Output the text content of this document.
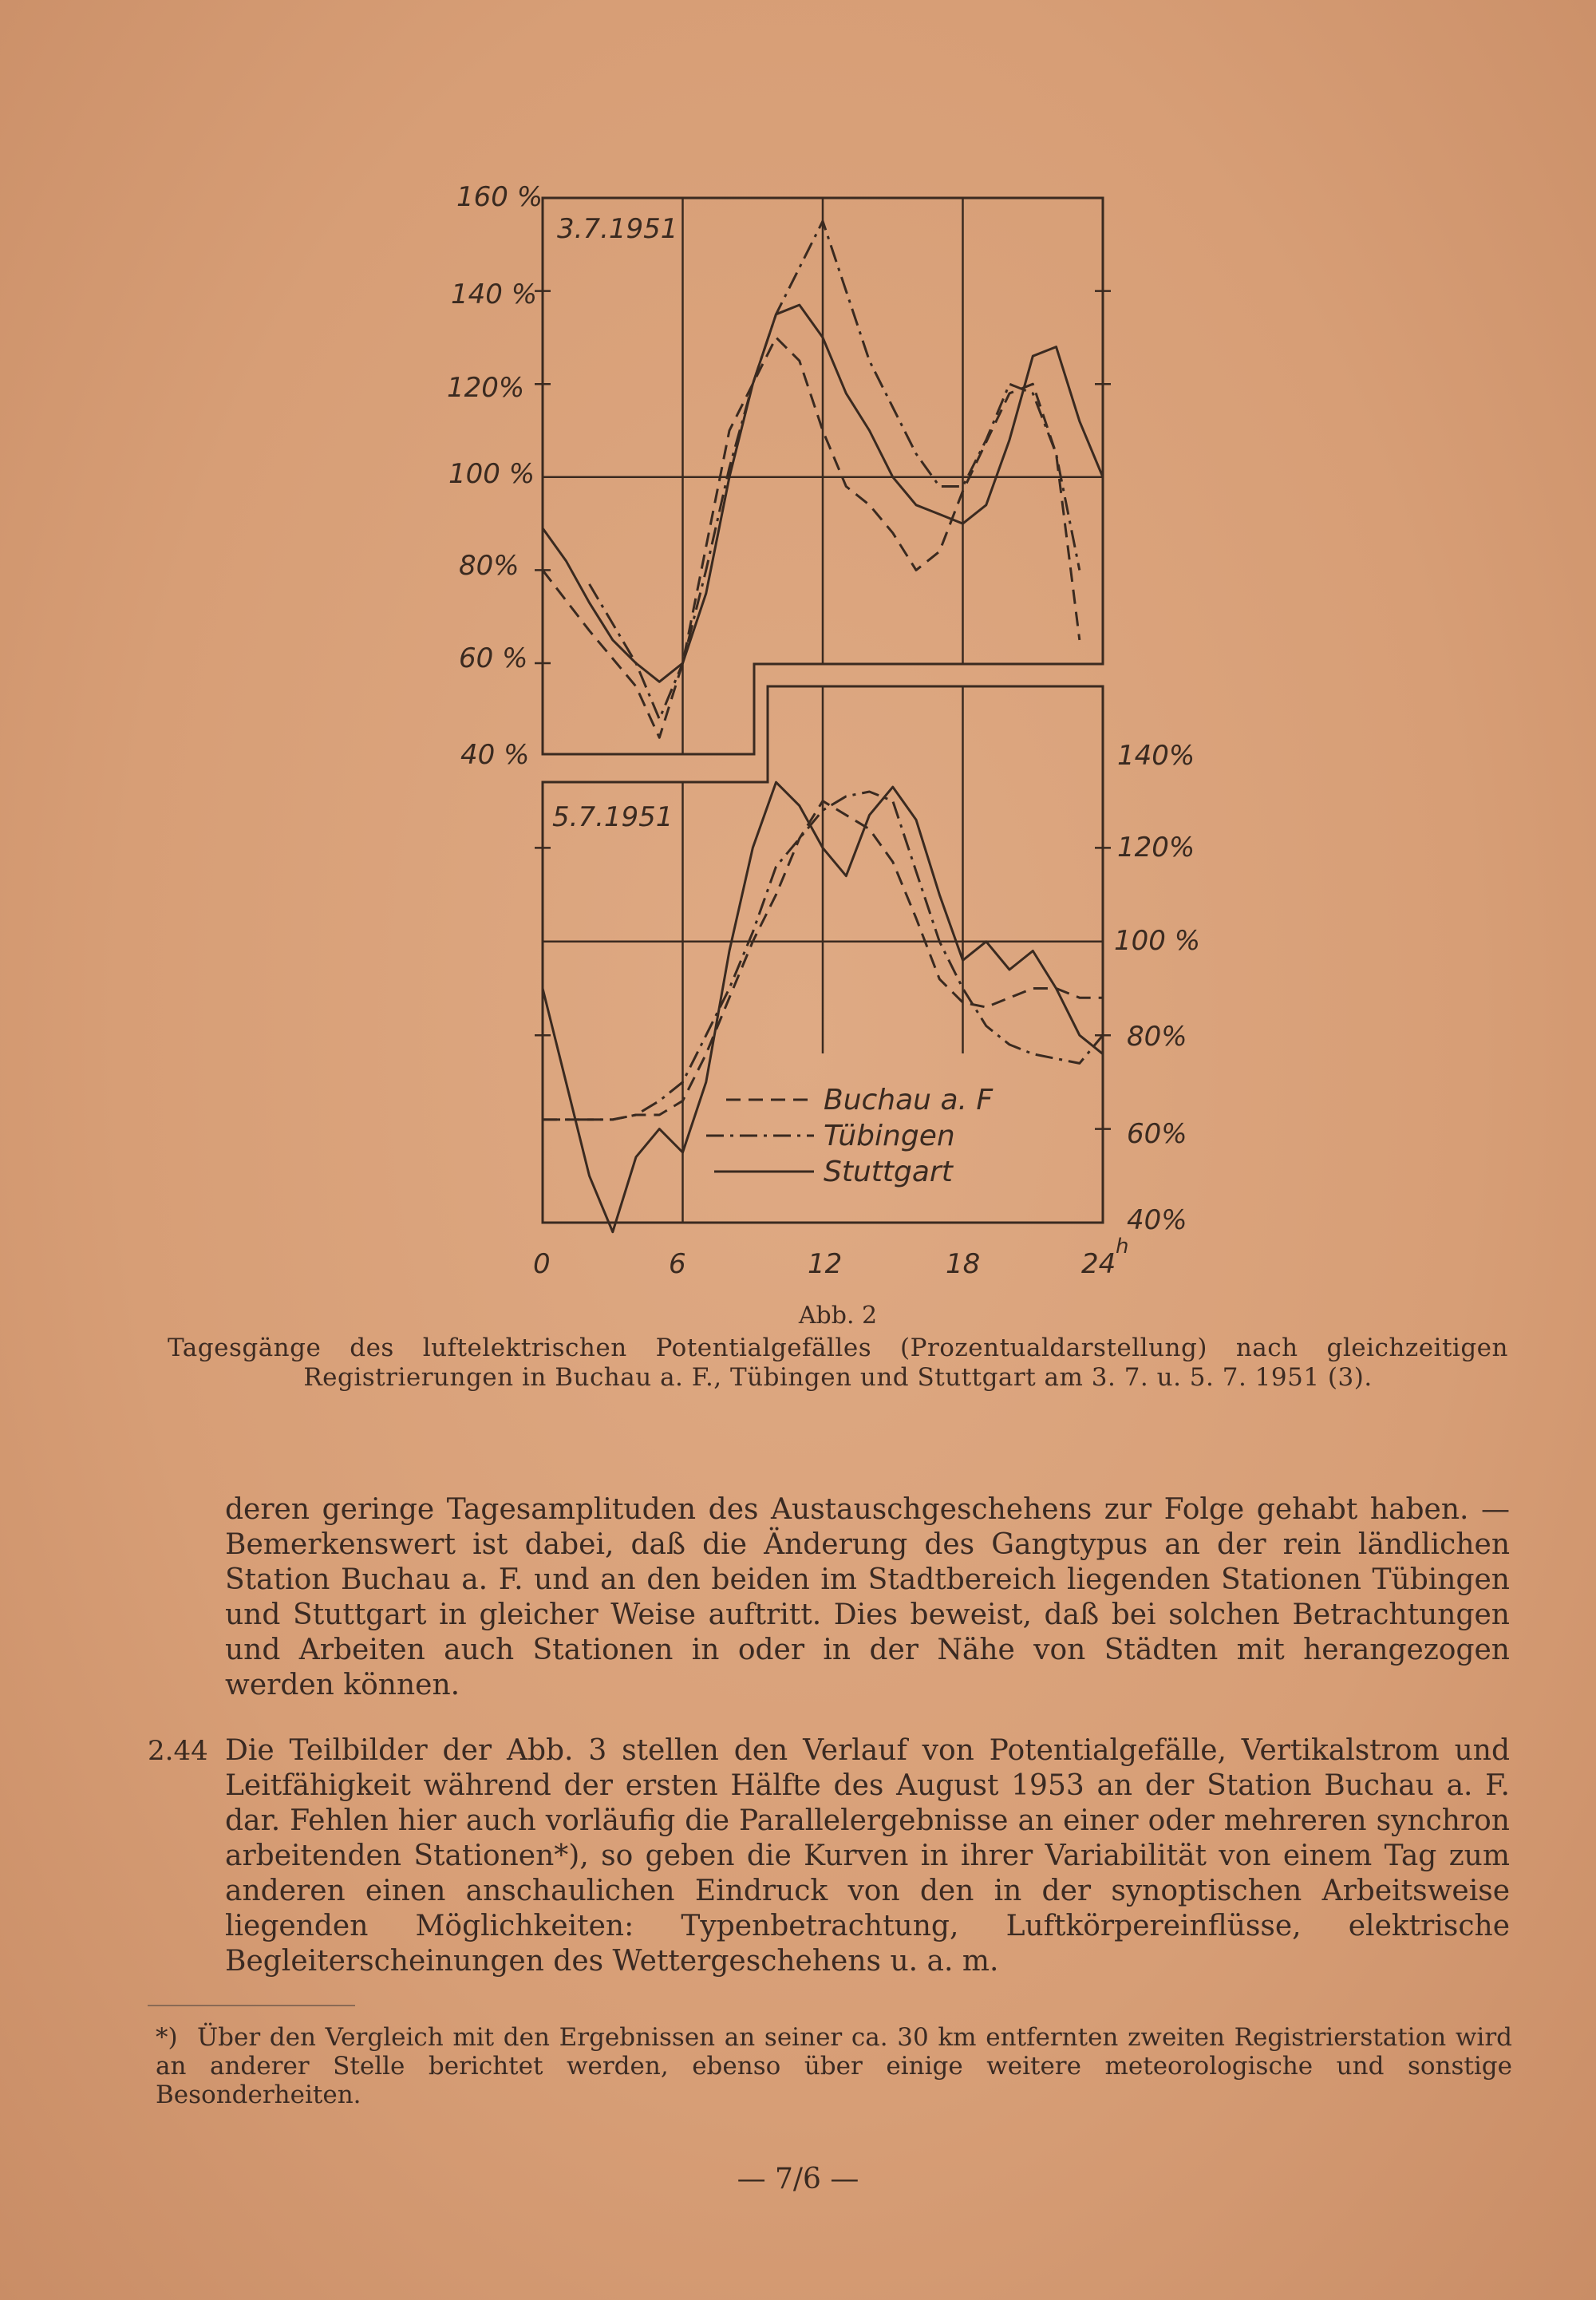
160 %
140 %
120%
100 %
80%
60 %
40 %	140%
120%
100 %
80%
60%
40%
0	6	12	18	24
h
3.7.1951
5.7.1951
Buchau a. F
Tübingen
Stuttgart
Abb. 2
Tagesgänge des luftelektrischen Potentialgefälles (Prozentualdarstellung) nach gleichzeitigen Registrierungen in Buchau a. F., Tübingen und Stuttgart am 3. 7. u. 5. 7. 1951 (3).
deren geringe Tagesamplituden des Austauschgeschehens zur Folge gehabt haben. — Bemerkenswert ist dabei, daß die Änderung des Gangtypus an der rein ländlichen Station Buchau a. F. und an den beiden im Stadtbereich liegenden Stationen Tübingen und Stuttgart in gleicher Weise auftritt. Dies beweist, daß bei solchen Betrachtungen und Arbeiten auch Stationen in oder in der Nähe von Städten mit herangezogen werden können.
2.44 Die Teilbilder der Abb. 3 stellen den Verlauf von Potentialgefälle, Vertikalstrom und Leitfähigkeit während der ersten Hälfte des August 1953 an der Station Buchau a. F. dar. Fehlen hier auch vorläufig die Parallelergebnisse an einer oder mehreren synchron arbeitenden Stationen*), so geben die Kurven in ihrer Variabilität von einem Tag zum anderen einen anschaulichen Eindruck von den in der synoptischen Arbeitsweise liegenden Möglichkeiten: Typenbetrachtung, Luftkörpereinflüsse, elektrische Begleiterscheinungen des Wettergeschehens u. a. m.
*) Über den Vergleich mit den Ergebnissen an seiner ca. 30 km entfernten zweiten Registrierstation wird an anderer Stelle berichtet werden, ebenso über einige weitere meteorologische und sonstige Besonderheiten.
— 7/6 —
